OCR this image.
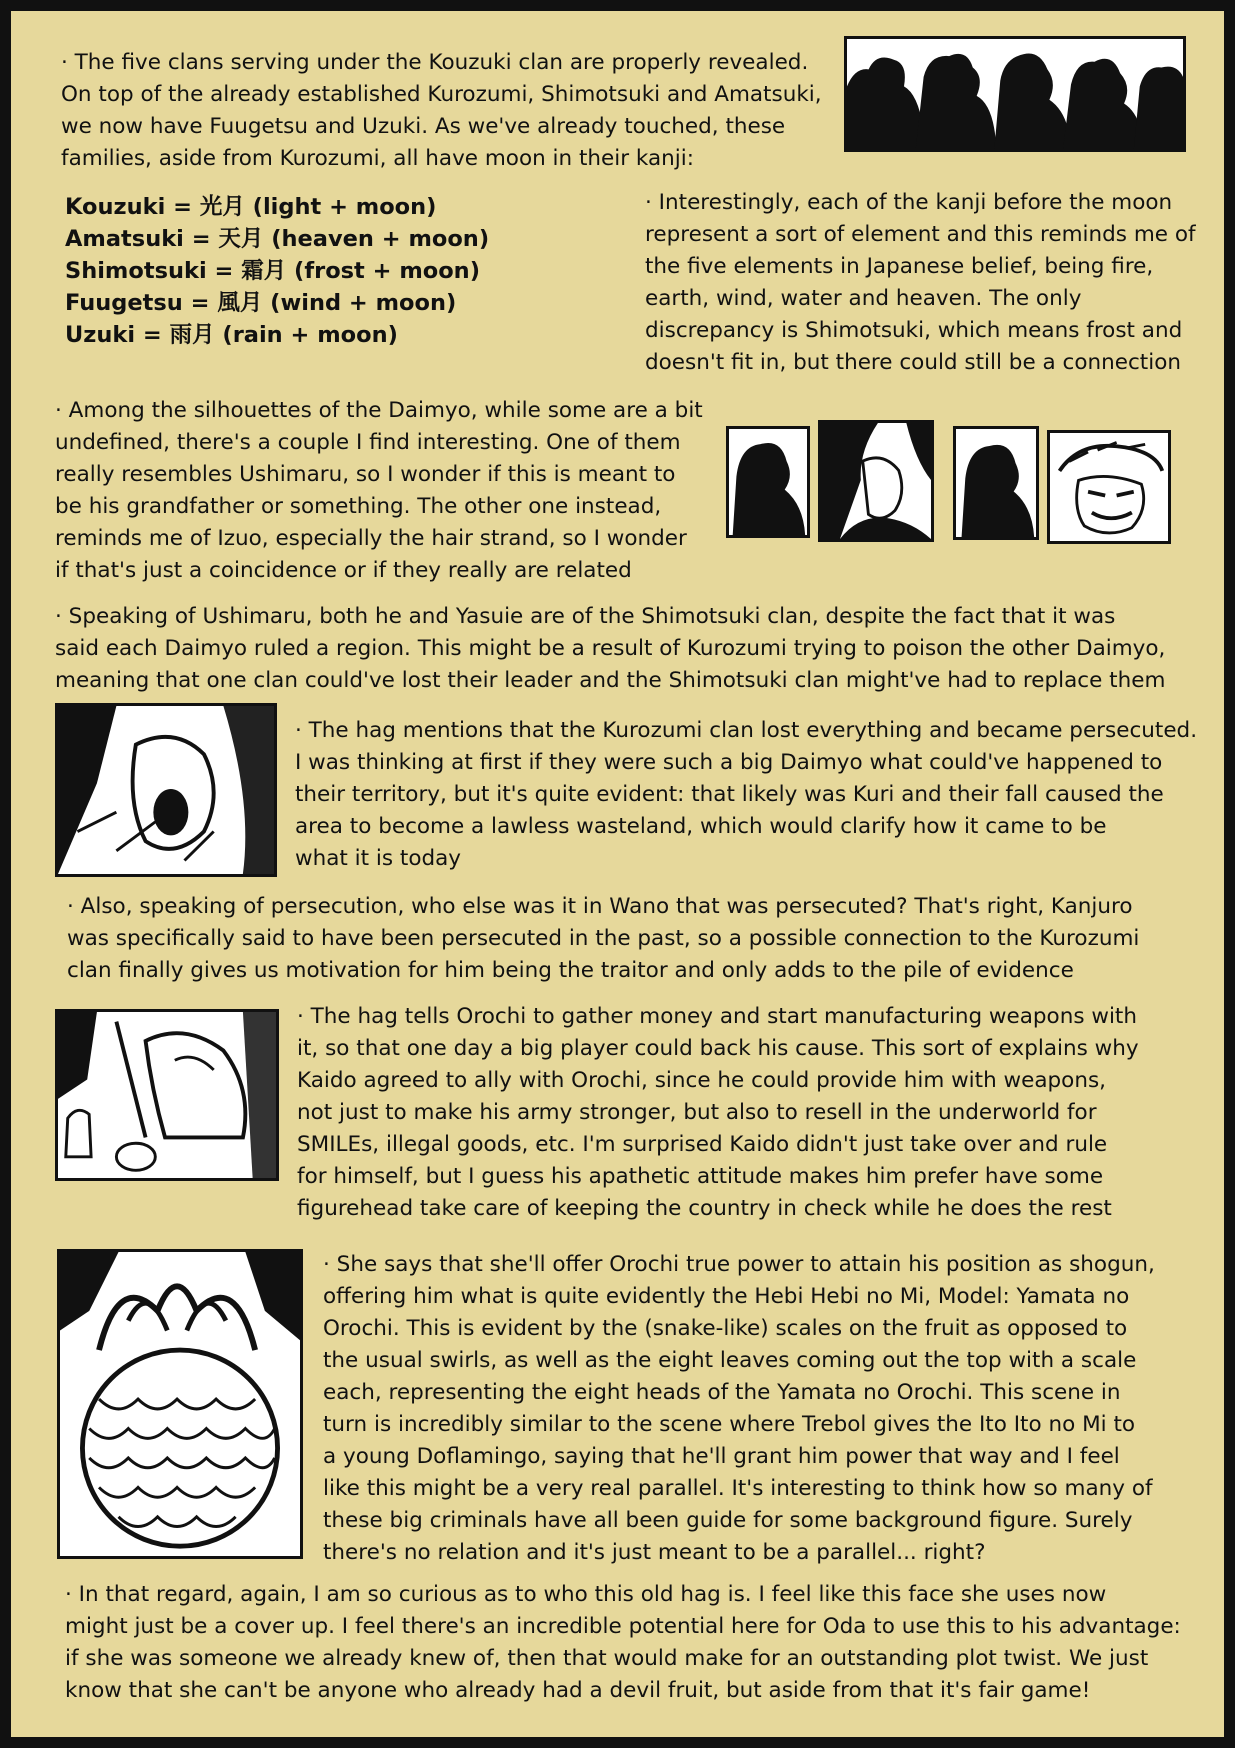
· The five clans serving under the Kouzuki clan are properly revealed.
On top of the already established Kurozumi, Shimotsuki and Amatsuki,
we now have Fuugetsu and Uzuki. As we've already touched, these
families, aside from Kurozumi, all have moon in their kanji:
Kouzuki = 光月 (light + moon)
Amatsuki = 天月 (heaven + moon)
Shimotsuki = 霜月 (frost + moon)
Fuugetsu = 風月 (wind + moon)
Uzuki = 雨月 (rain + moon)
· Interestingly, each of the kanji before the moon
represent a sort of element and this reminds me of
the five elements in Japanese belief, being fire,
earth, wind, water and heaven. The only
discrepancy is Shimotsuki, which means frost and
doesn't fit in, but there could still be a connection
· Among the silhouettes of the Daimyo, while some are a bit
undefined, there's a couple I find interesting. One of them
really resembles Ushimaru, so I wonder if this is meant to
be his grandfather or something. The other one instead,
reminds me of Izuo, especially the hair strand, so I wonder
if that's just a coincidence or if they really are related
· Speaking of Ushimaru, both he and Yasuie are of the Shimotsuki clan, despite the fact that it was
said each Daimyo ruled a region. This might be a result of Kurozumi trying to poison the other Daimyo,
meaning that one clan could've lost their leader and the Shimotsuki clan might've had to replace them
· The hag mentions that the Kurozumi clan lost everything and became persecuted.
I was thinking at first if they were such a big Daimyo what could've happened to
their territory, but it's quite evident: that likely was Kuri and their fall caused the
area to become a lawless wasteland, which would clarify how it came to be
what it is today
· Also, speaking of persecution, who else was it in Wano that was persecuted? That's right, Kanjuro
was specifically said to have been persecuted in the past, so a possible connection to the Kurozumi
clan finally gives us motivation for him being the traitor and only adds to the pile of evidence
· The hag tells Orochi to gather money and start manufacturing weapons with
it, so that one day a big player could back his cause. This sort of explains why
Kaido agreed to ally with Orochi, since he could provide him with weapons,
not just to make his army stronger, but also to resell in the underworld for
SMILEs, illegal goods, etc. I'm surprised Kaido didn't just take over and rule
for himself, but I guess his apathetic attitude makes him prefer have some
figurehead take care of keeping the country in check while he does the rest
· She says that she'll offer Orochi true power to attain his position as shogun,
offering him what is quite evidently the Hebi Hebi no Mi, Model: Yamata no
Orochi. This is evident by the (snake-like) scales on the fruit as opposed to
the usual swirls, as well as the eight leaves coming out the top with a scale
each, representing the eight heads of the Yamata no Orochi. This scene in
turn is incredibly similar to the scene where Trebol gives the Ito Ito no Mi to
a young Doflamingo, saying that he'll grant him power that way and I feel
like this might be a very real parallel. It's interesting to think how so many of
these big criminals have all been guide for some background figure. Surely
there's no relation and it's just meant to be a parallel... right?
· In that regard, again, I am so curious as to who this old hag is. I feel like this face she uses now
might just be a cover up. I feel there's an incredible potential here for Oda to use this to his advantage:
if she was someone we already knew of, then that would make for an outstanding plot twist. We just
know that she can't be anyone who already had a devil fruit, but aside from that it's fair game!
